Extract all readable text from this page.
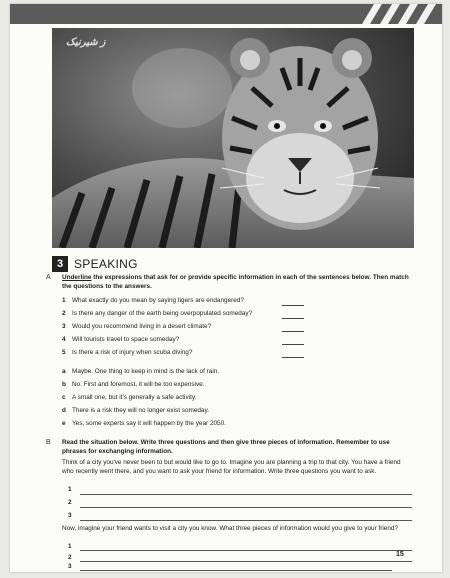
ز شیرنیک
3 SPEAKING
A Underline the expressions that ask for or provide specific information in each of the sentences below. Then match the questions to the answers.
1 What exactly do you mean by saying tigers are endangered?
2 Is there any danger of the earth being overpopulated someday?
3 Would you recommend living in a desert climate?
4 Will tourists travel to space someday?
5 Is there a risk of injury when scuba diving?
a Maybe. One thing to keep in mind is the lack of rain.
b No. First and foremost, it will be too expensive.
c A small one, but it's generally a safe activity.
d There is a risk they will no longer exist someday.
e Yes, some experts say it will happen by the year 2050.
B Read the situation below. Write three questions and then give three pieces of information. Remember to use phrases for exchanging information.
Think of a city you've never been to but would like to go to. Imagine you are planning a trip to that city. You have a friend who recently went there, and you want to ask your friend for information. Write three questions you want to ask.
1
2
3
Now, imagine your friend wants to visit a city you know. What three pieces of information would you give to your friend?
1
2
3
15
